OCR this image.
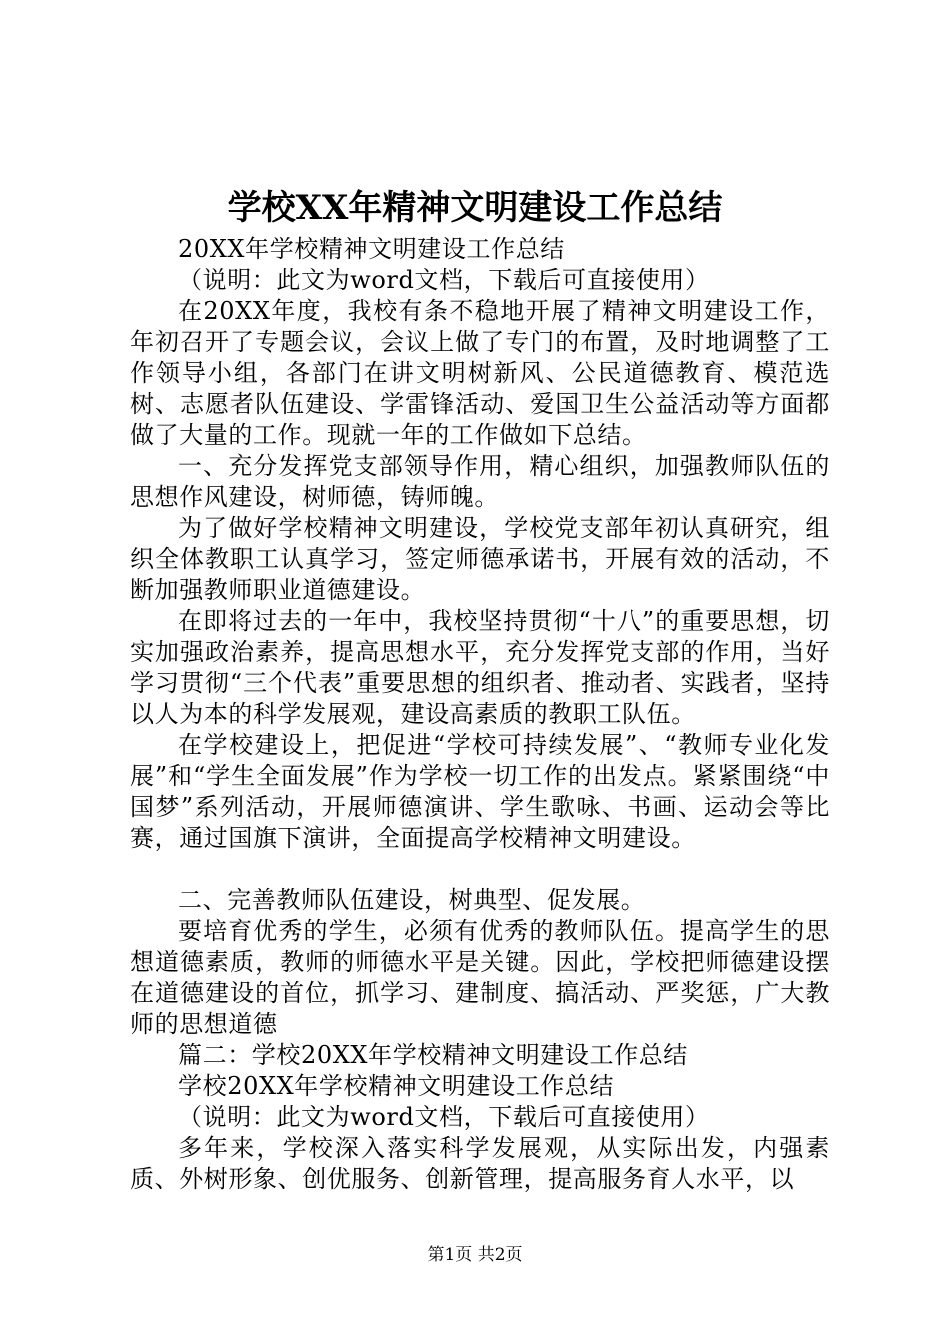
学校XX年精神文明建设工作总结

20XX年学校精神文明建设工作总结

（说明：此文为word文档，下载后可直接使用）

在20XX年度，我校有条不稳地开展了精神文明建设工作，年初召开了专题会议，会议上做了专门的布置，及时地调整了工作领导小组，各部门在讲文明树新风、公民道德教育、模范选树、志愿者队伍建设、学雷锋活动、爱国卫生公益活动等方面都做了大量的工作。现就一年的工作做如下总结。

一、充分发挥党支部领导作用，精心组织，加强教师队伍的思想作风建设，树师德，铸师魄。

为了做好学校精神文明建设，学校党支部年初认真研究，组织全体教职工认真学习，签定师德承诺书，开展有效的活动，不断加强教师职业道德建设。

在即将过去的一年中，我校坚持贯彻“十八”的重要思想，切实加强政治素养，提高思想水平，充分发挥党支部的作用，当好学习贯彻“三个代表”重要思想的组织者、推动者、实践者，坚持以人为本的科学发展观，建设高素质的教职工队伍。

在学校建设上，把促进“学校可持续发展”、“教师专业化发展”和“学生全面发展”作为学校一切工作的出发点。紧紧围绕“中国梦”系列活动，开展师德演讲、学生歌咏、书画、运动会等比赛，通过国旗下演讲，全面提高学校精神文明建设。

二、完善教师队伍建设，树典型、促发展。

要培育优秀的学生，必须有优秀的教师队伍。提高学生的思想道德素质，教师的师德水平是关键。因此，学校把师德建设摆在道德建设的首位，抓学习、建制度、搞活动、严奖惩，广大教师的思想道德

篇二：学校20XX年学校精神文明建设工作总结

学校20XX年学校精神文明建设工作总结

（说明：此文为word文档，下载后可直接使用）

多年来，学校深入落实科学发展观，从实际出发，内强素质、外树形象、创优服务、创新管理，提高服务育人水平，以

第1页 共2页
